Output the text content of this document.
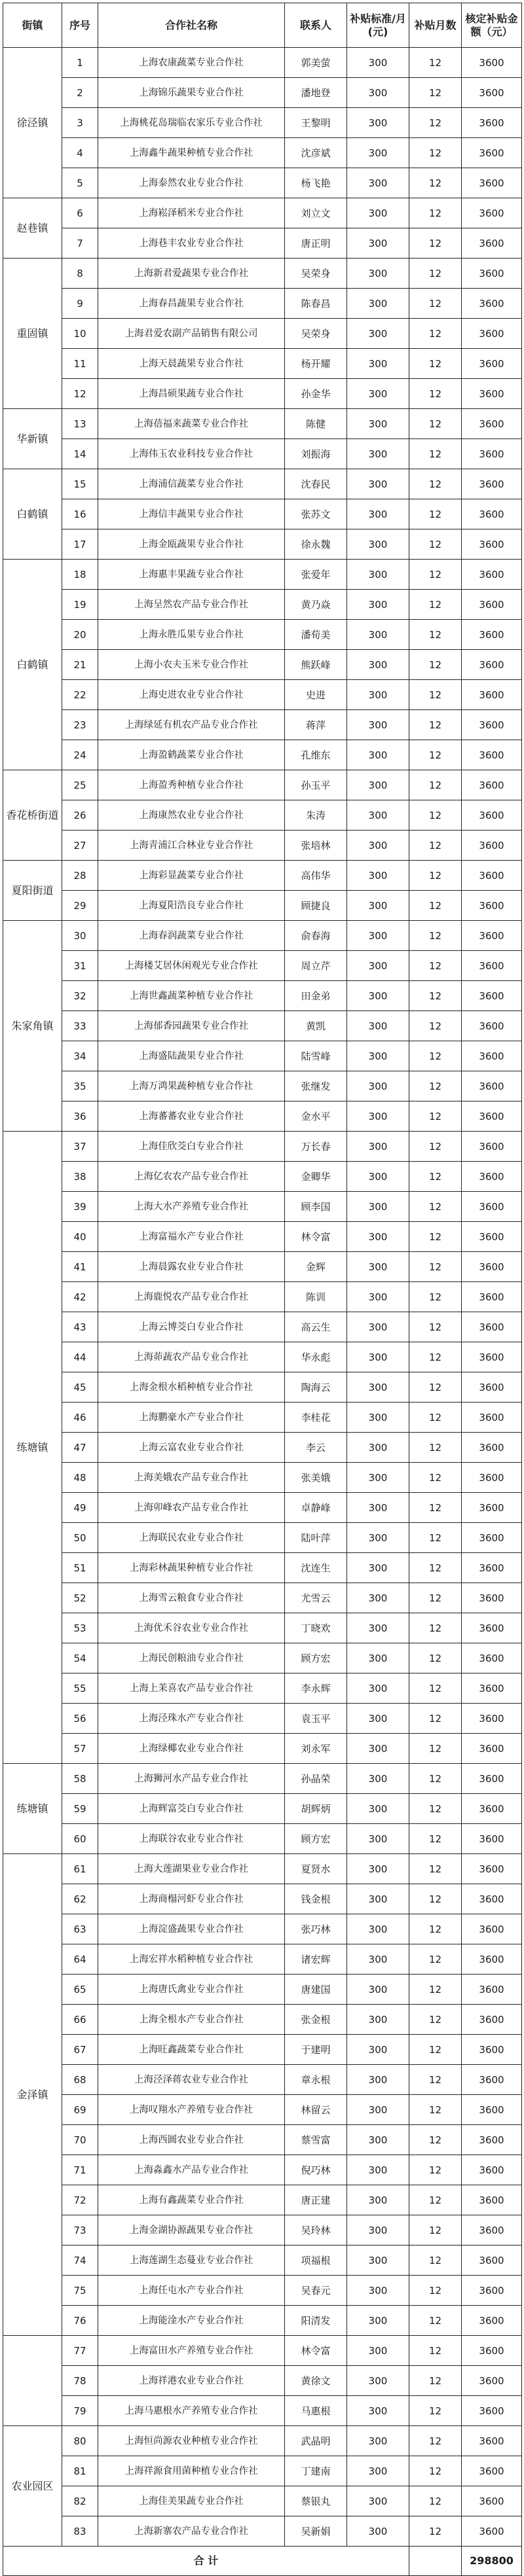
街镇	序号	合作社名称	联系人	补贴标准/月(元)	补贴月数	核定补贴金额（元）
徐泾镇	1	上海农康蔬菜专业合作社	郭美萤	300	12	3600
	2	上海锦乐蔬果专业合作社	潘地登	300	12	3600
	3	上海桃花岛瑞临农家乐专业合作社	王黎明	300	12	3600
	4	上海鑫牛蔬果种植专业合作社	沈彦斌	300	12	3600
	5	上海泰然农业专业合作社	杨飞艳	300	12	3600
赵巷镇	6	上海崧泽稻米专业合作社	刘立文	300	12	3600
	7	上海巷丰农业专业合作社	唐正明	300	12	3600
重固镇	8	上海新君爱蔬果专业合作社	吴荣身	300	12	3600
	9	上海春昌蔬果专业合作社	陈春昌	300	12	3600
	10	上海君爱农副产品销售有限公司	吴荣身	300	12	3600
	11	上海天晨蔬果专业合作社	杨开耀	300	12	3600
	12	上海昌硕果蔬专业合作社	孙金华	300	12	3600
华新镇	13	上海蓓福来蔬菜专业合作社	陈健	300	12	3600
	14	上海伟玉农业科技专业合作社	刘振海	300	12	3600
白鹤镇	15	上海浦信蔬菜专业合作社	沈春民	300	12	3600
	16	上海信丰蔬果专业合作社	张苏文	300	12	3600
	17	上海金瓯蔬果专业合作社	徐永魏	300	12	3600
白鹤镇	18	上海惠丰果蔬专业合作社	张爱年	300	12	3600
	19	上海呈然农产品专业合作社	黄乃焱	300	12	3600
	20	上海永胜瓜果专业合作社	潘荀美	300	12	3600
	21	上海小农夫玉米专业合作社	熊跃峰	300	12	3600
	22	上海史进农业专业合作社	史进	300	12	3600
	23	上海绿延有机农产品专业合作社	蒋萍	300	12	3600
	24	上海盈鹤蔬菜专业合作社	孔维东	300	12	3600
香花桥街道	25	上海盈秀种植专业合作社	孙玉平	300	12	3600
	26	上海康然农业专业合作社	朱涛	300	12	3600
	27	上海青浦江合林业专业合作社	张培林	300	12	3600
夏阳街道	28	上海彩显蔬菜专业合作社	高伟华	300	12	3600
	29	上海夏阳浩良专业合作社	顾捷良	300	12	3600
朱家角镇	30	上海春润蔬菜专业合作社	俞春海	300	12	3600
	31	上海楼艾居休闲观光专业合作社	周立芹	300	12	3600
	32	上海世鑫蔬菜种植专业合作社	田金弟	300	12	3600
	33	上海郁香园蔬果专业合作社	黄凯	300	12	3600
	34	上海盛陆蔬果专业合作社	陆雪峰	300	12	3600
	35	上海万鸿果蔬种植专业合作社	张继发	300	12	3600
	36	上海蕃蕃农业专业合作社	金水平	300	12	3600
练塘镇	37	上海佳欣茭白专业合作社	万长春	300	12	3600
	38	上海亿农农产品专业合作社	金卿华	300	12	3600
	39	上海大水产养殖专业合作社	顾李国	300	12	3600
	40	上海富福水产专业合作社	林令富	300	12	3600
	41	上海晨露农业专业合作社	金辉	300	12	3600
	42	上海鹿悦农产品专业合作社	陈训	300	12	3600
	43	上海云博茭白专业合作社	高云生	300	12	3600
	44	上海茆蔬农产品专业合作社	华永彪	300	12	3600
	45	上海金根水稻种植专业合作社	陶海云	300	12	3600
	46	上海鹏豪水产专业合作社	李桂花	300	12	3600
	47	上海云富农业专业合作社	李云	300	12	3600
	48	上海美娥农产品专业合作社	张美娥	300	12	3600
	49	上海卯峰农产品专业合作社	卓静峰	300	12	3600
	50	上海联民农业专业合作社	陆叶萍	300	12	3600
	51	上海彩林蔬果种植专业合作社	沈连生	300	12	3600
	52	上海雪云粮食专业合作社	尤雪云	300	12	3600
	53	上海优禾谷农业专业合作社	丁晓欢	300	12	3600
	54	上海民创粮油专业合作社	顾方宏	300	12	3600
	55	上海上茉喜农产品专业合作社	李永辉	300	12	3600
	56	上海泾珠水产专业合作社	袁玉平	300	12	3600
	57	上海绿椰农业专业合作社	刘永军	300	12	3600
练塘镇	58	上海狮河水产品专业合作社	孙晶荣	300	12	3600
	59	上海辉富茭白专业合作社	胡辉炳	300	12	3600
	60	上海联谷农业专业合作社	顾方宏	300	12	3600
金泽镇	61	上海大莲湖果业专业合作社	夏贤水	300	12	3600
	62	上海商榻河虾专业合作社	钱金根	300	12	3600
	63	上海淀盛蔬果专业合作社	张巧林	300	12	3600
	64	上海宏祥水稻种植专业合作社	诸宏辉	300	12	3600
	65	上海唐氏禽业专业合作社	唐建国	300	12	3600
	66	上海全根水产专业合作社	张金根	300	12	3600
	67	上海旺鑫蔬菜专业合作社	于建明	300	12	3600
	68	上海泾泽蒋农业专业合作社	章永根	300	12	3600
	69	上海叹翔水产养殖专业合作社	林留云	300	12	3600
	70	上海西圆农业专业合作社	蔡雪富	300	12	3600
	71	上海淼鑫水产品专业合作社	倪巧林	300	12	3600
	72	上海有鑫蔬菜专业合作社	唐正建	300	12	3600
	73	上海金湖协源蔬果专业合作社	吴玲林	300	12	3600
	74	上海莲湖生态蔓业专业合作社	项福根	300	12	3600
	75	上海任屯水产专业合作社	吴春元	300	12	3600
	76	上海能淦水产专业合作社	阳清发	300	12	3600
	77	上海富田水产养殖专业合作社	林令富	300	12	3600
	78	上海祥港农业专业合作社	黄徐文	300	12	3600
	79	上海马惠根水产养殖专业合作社	马惠根	300	12	3600
农业园区	80	上海恒尚源农业种植专业合作社	武晶明	300	12	3600
	81	上海祥源食用菌种植专业合作社	丁建南	300	12	3600
	82	上海佳美果蔬专业合作社	蔡银丸	300	12	3600
	83	上海新寨农产品专业合作社	吴新娟	300	12	3600
合 计						298800
